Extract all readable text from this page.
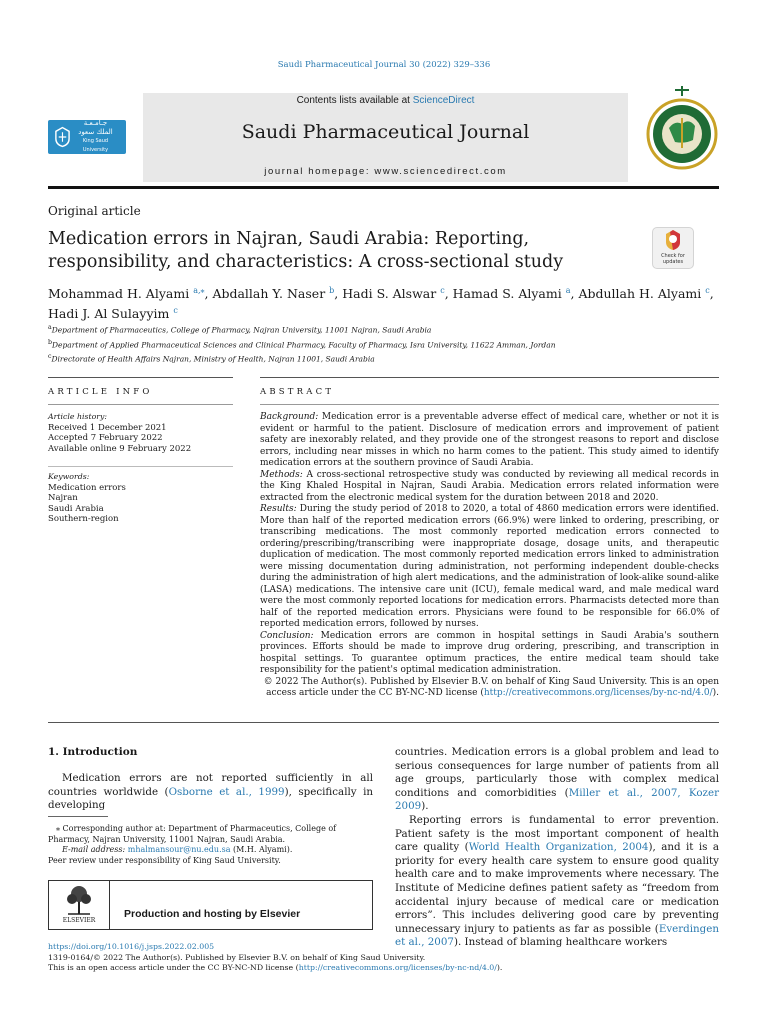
Saudi Pharmaceutical Journal 30 (2022) 329–336
جـامـعـة
الملك سعود
King Saud University
Contents lists available at ScienceDirect
Saudi Pharmaceutical Journal
journal homepage: www.sciencedirect.com
Original article
Medication errors in Najran, Saudi Arabia: Reporting, responsibility, and characteristics: A cross-sectional study	Check for updates
Mohammad H. Alyami $^{a,⁎}$, Abdallah Y. Naser $^b$, Hadi S. Alswar $^c$, Hamad S. Alyami $^a$, Abdullah H. Alyami $^c$,
Hadi J. Al Sulayyim $^c$
$^a$Department of Pharmaceutics, College of Pharmacy, Najran University, 11001 Najran, Saudi Arabia
$^b$Department of Applied Pharmaceutical Sciences and Clinical Pharmacy, Faculty of Pharmacy, Isra University, 11622 Amman, Jordan
$^c$Directorate of Health Affairs Najran, Ministry of Health, Najran 11001, Saudi Arabia
ARTICLE INFO	ABSTRACT
Article history:
Received 1 December 2021
Accepted 7 February 2022
Available online 9 February 2022
Keywords:
Medication errors
Najran
Saudi Arabia
Southern-region
Background: Medication error is a preventable adverse effect of medical care, whether or not it is evident or harmful to the patient. Disclosure of medication errors and improvement of patient safety are inexorably related, and they provide one of the strongest reasons to report and disclose errors, including near misses in which no harm comes to the patient. This study aimed to identify medication errors at the southern province of Saudi Arabia.
Methods: A cross-sectional retrospective study was conducted by reviewing all medical records in the King Khaled Hospital in Najran, Saudi Arabia. Medication errors related information were extracted from the electronic medical system for the duration between 2018 and 2020.
Results: During the study period of 2018 to 2020, a total of 4860 medication errors were identified. More than half of the reported medication errors (66.9%) were linked to ordering, prescribing, or transcribing medications. The most commonly reported medication errors connected to ordering/prescribing/transcribing were inappropriate dosage, dosage units, and therapeutic duplication of medication. The most commonly reported medication errors linked to administration were missing documentation during administration, not performing independent double-checks during the administration of high alert medications, and the administration of look-alike sound-alike (LASA) medications. The intensive care unit (ICU), female medical ward, and male medical ward were the most commonly reported locations for medication errors. Pharmacists detected more than half of the reported medication errors. Physicians were found to be responsible for 66.0% of reported medication errors, followed by nurses.
Conclusion: Medication errors are common in hospital settings in Saudi Arabia's southern provinces. Efforts should be made to improve drug ordering, prescribing, and transcription in hospital settings. To guarantee optimum practices, the entire medical team should take responsibility for the patient's optimal medication administration.
© 2022 The Author(s). Published by Elsevier B.V. on behalf of King Saud University. This is an open access article under the CC BY-NC-ND license (http://creativecommons.org/licenses/by-nc-nd/4.0/).
1. Introduction
Medication errors are not reported sufficiently in all countries worldwide (Osborne et al., 1999), specifically in developing
⁎ Corresponding author at: Department of Pharmaceutics, College of Pharmacy, Najran University, 11001 Najran, Saudi Arabia.
E-mail address: mhalmansour@nu.edu.sa (M.H. Alyami).
Peer review under responsibility of King Saud University.
ELSEVIER
Production and hosting by Elsevier

countries. Medication errors is a global problem and lead to serious consequences for large number of patients from all age groups, particularly those with complex medical conditions and comorbidities (Miller et al., 2007, Kozer 2009).

Reporting errors is fundamental to error prevention. Patient safety is the most important component of health care quality (World Health Organization, 2004), and it is a priority for every health care system to ensure good quality health care and to make improvements where necessary. The Institute of Medicine defines patient safety as “freedom from accidental injury because of medical care or medication errors”. This includes delivering good care by preventing unnecessary injury to patients as far as possible (Everdingen et al., 2007). Instead of blaming healthcare workers

https://doi.org/10.1016/j.jsps.2022.02.005
1319-0164/© 2022 The Author(s). Published by Elsevier B.V. on behalf of King Saud University.
This is an open access article under the CC BY-NC-ND license (http://creativecommons.org/licenses/by-nc-nd/4.0/).
